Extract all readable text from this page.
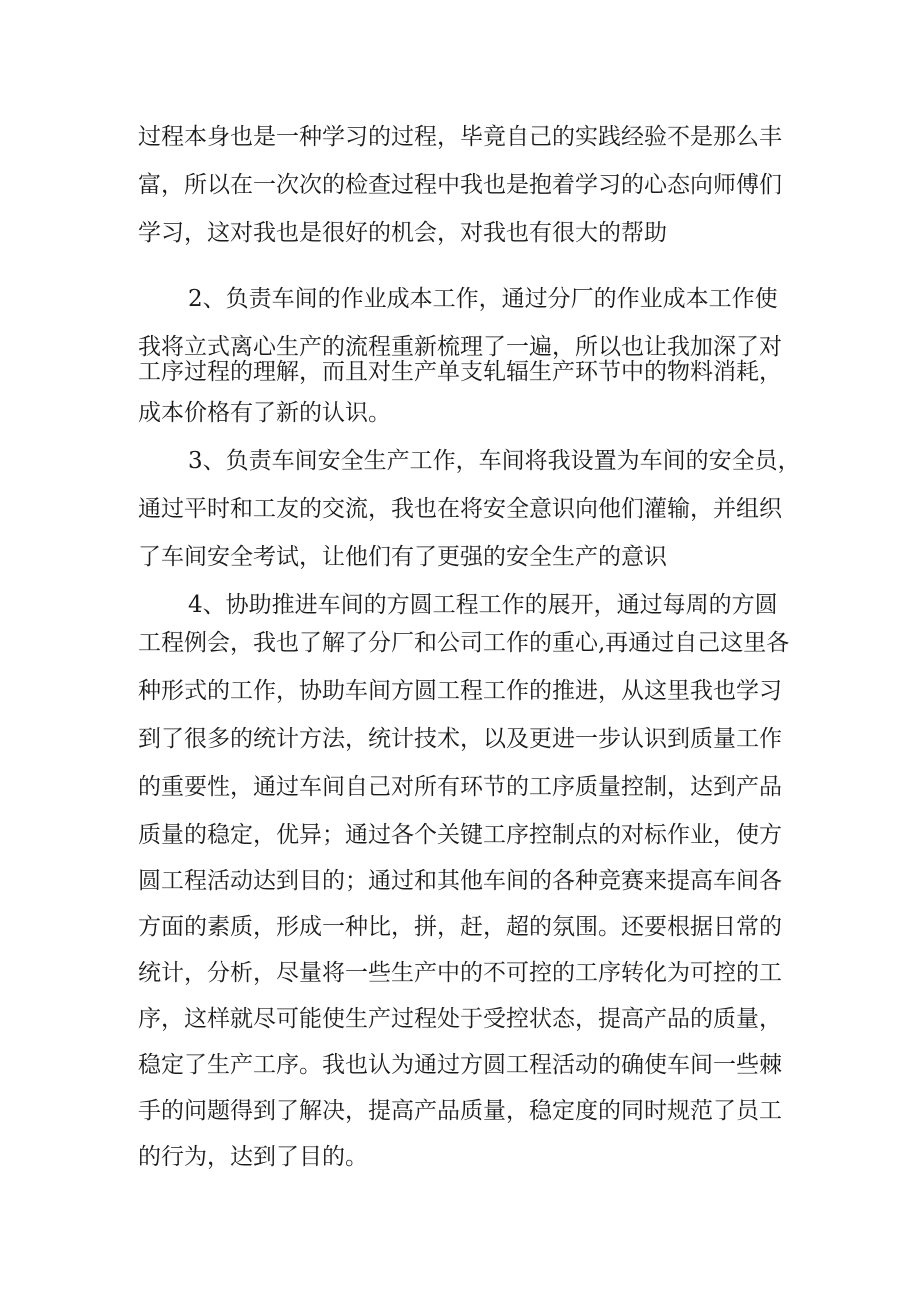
过程本身也是一种学习的过程，毕竟自己的实践经验不是那么丰
富，所以在一次次的检查过程中我也是抱着学习的心态向师傅们
学习，这对我也是很好的机会，对我也有很大的帮助
2、负责车间的作业成本工作，通过分厂的作业成本工作使
我将立式离心生产的流程重新梳理了一遍，所以也让我加深了对
工序过程的理解，而且对生产单支轧辐生产环节中的物料消耗，
成本价格有了新的认识。
3、负责车间安全生产工作，车间将我设置为车间的安全员，
通过平时和工友的交流，我也在将安全意识向他们灌输，并组织
了车间安全考试，让他们有了更强的安全生产的意识
4、协助推进车间的方圆工程工作的展开，通过每周的方圆
工程例会，我也了解了分厂和公司工作的重心,再通过自己这里各
种形式的工作，协助车间方圆工程工作的推进，从这里我也学习
到了很多的统计方法，统计技术，以及更进一步认识到质量工作
的重要性，通过车间自己对所有环节的工序质量控制，达到产品
质量的稳定，优异；通过各个关键工序控制点的对标作业，使方
圆工程活动达到目的；通过和其他车间的各种竞赛来提高车间各
方面的素质，形成一种比，拼，赶，超的氛围。还要根据日常的
统计，分析，尽量将一些生产中的不可控的工序转化为可控的工
序，这样就尽可能使生产过程处于受控状态，提高产品的质量，
稳定了生产工序。我也认为通过方圆工程活动的确使车间一些棘
手的问题得到了解决，提高产品质量，稳定度的同时规范了员工
的行为，达到了目的。
